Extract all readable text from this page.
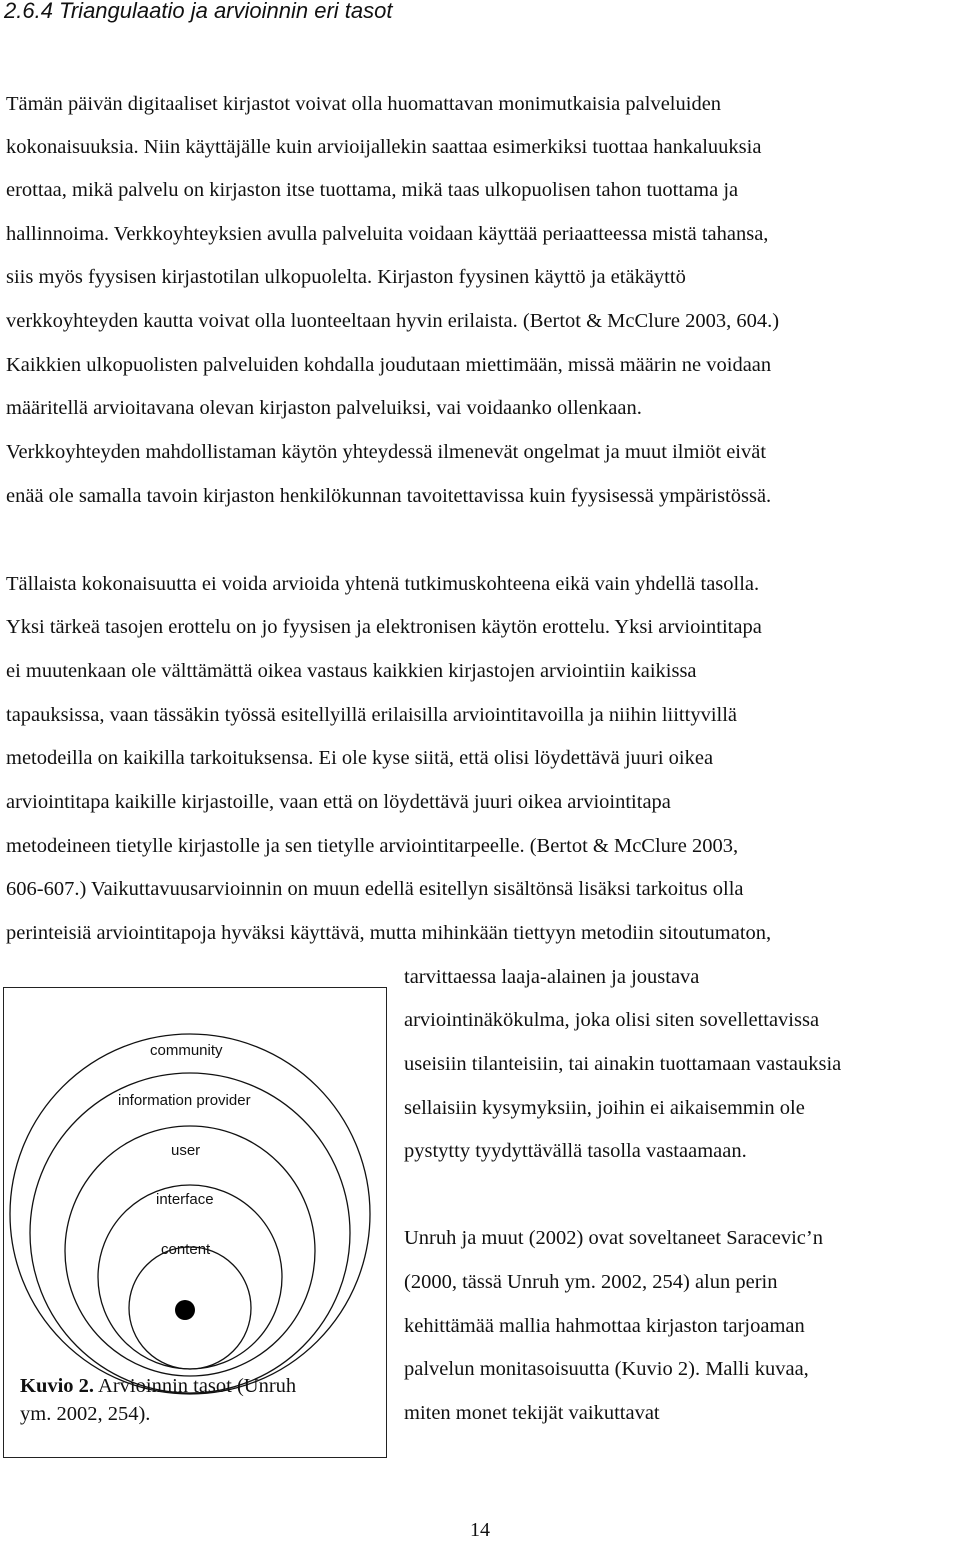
2.6.4 Triangulaatio ja arvioinnin eri tasot
Tämän päivän digitaaliset kirjastot voivat olla huomattavan monimutkaisia palveluiden
kokonaisuuksia. Niin käyttäjälle kuin arvioijallekin saattaa esimerkiksi tuottaa hankaluuksia
erottaa, mikä palvelu on kirjaston itse tuottama, mikä taas ulkopuolisen tahon tuottama ja
hallinnoima. Verkkoyhteyksien avulla palveluita voidaan käyttää periaatteessa mistä tahansa,
siis myös fyysisen kirjastotilan ulkopuolelta. Kirjaston fyysinen käyttö ja etäkäyttö
verkkoyhteyden kautta voivat olla luonteeltaan hyvin erilaista. (Bertot & McClure 2003, 604.)
Kaikkien ulkopuolisten palveluiden kohdalla joudutaan miettimään, missä määrin ne voidaan
määritellä arvioitavana olevan kirjaston palveluiksi, vai voidaanko ollenkaan.
Verkkoyhteyden mahdollistaman käytön yhteydessä ilmenevät ongelmat ja muut ilmiöt eivät
enää ole samalla tavoin kirjaston henkilökunnan tavoitettavissa kuin fyysisessä ympäristössä.
Tällaista kokonaisuutta ei voida arvioida yhtenä tutkimuskohteena eikä vain yhdellä tasolla.
Yksi tärkeä tasojen erottelu on jo fyysisen ja elektronisen käytön erottelu. Yksi arviointitapa
ei muutenkaan ole välttämättä oikea vastaus kaikkien kirjastojen arviointiin kaikissa
tapauksissa, vaan tässäkin työssä esitellyillä erilaisilla arviointitavoilla ja niihin liittyvillä
metodeilla on kaikilla tarkoituksensa. Ei ole kyse siitä, että olisi löydettävä juuri oikea
arviointitapa kaikille kirjastoille, vaan että on löydettävä juuri oikea arviointitapa
metodeineen tietylle kirjastolle ja sen tietylle arviointitarpeelle. (Bertot & McClure 2003,
606-607.) Vaikuttavuusarvioinnin on muun edellä esitellyn sisältönsä lisäksi tarkoitus olla
perinteisiä arviointitapoja hyväksi käyttävä, mutta mihinkään tiettyyn metodiin sitoutumaton,
tarvittaessa laaja-alainen ja joustava
arviointinäkökulma, joka olisi siten sovellettavissa
useisiin tilanteisiin, tai ainakin tuottamaan vastauksia
sellaisiin kysymyksiin, joihin ei aikaisemmin ole
pystytty tyydyttävällä tasolla vastaamaan.
Unruh ja muut (2002) ovat soveltaneet Saracevic’n
(2000, tässä Unruh ym. 2002, 254) alun perin
kehittämää mallia hahmottaa kirjaston tarjoaman
palvelun monitasoisuutta (Kuvio 2). Malli kuvaa,
miten monet tekijät vaikuttavat
community
information provider
user
interface
content
Kuvio 2. Arvioinnin tasot (Unruh
ym. 2002, 254).
14
